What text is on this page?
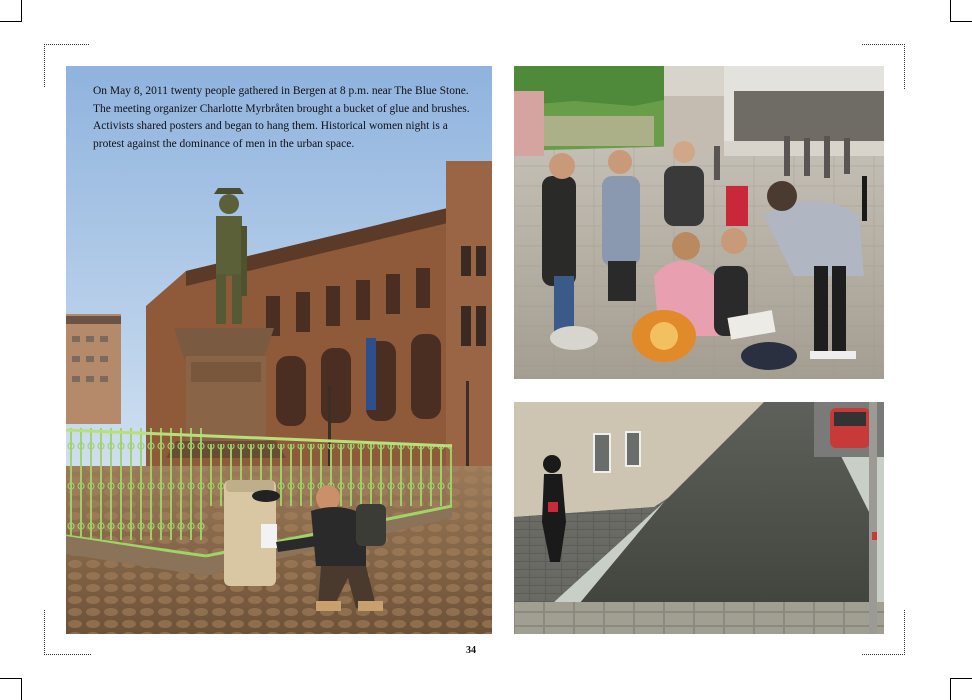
On May 8, 2011 twenty people gathered in Bergen at 8 p.m. near The Blue Stone.
The meeting organizer Charlotte Myrbråten brought a bucket of glue and brushes.
Activists shared posters and began to hang them. Historical women night is a
protest against the dominance of men in the urban space.

34
